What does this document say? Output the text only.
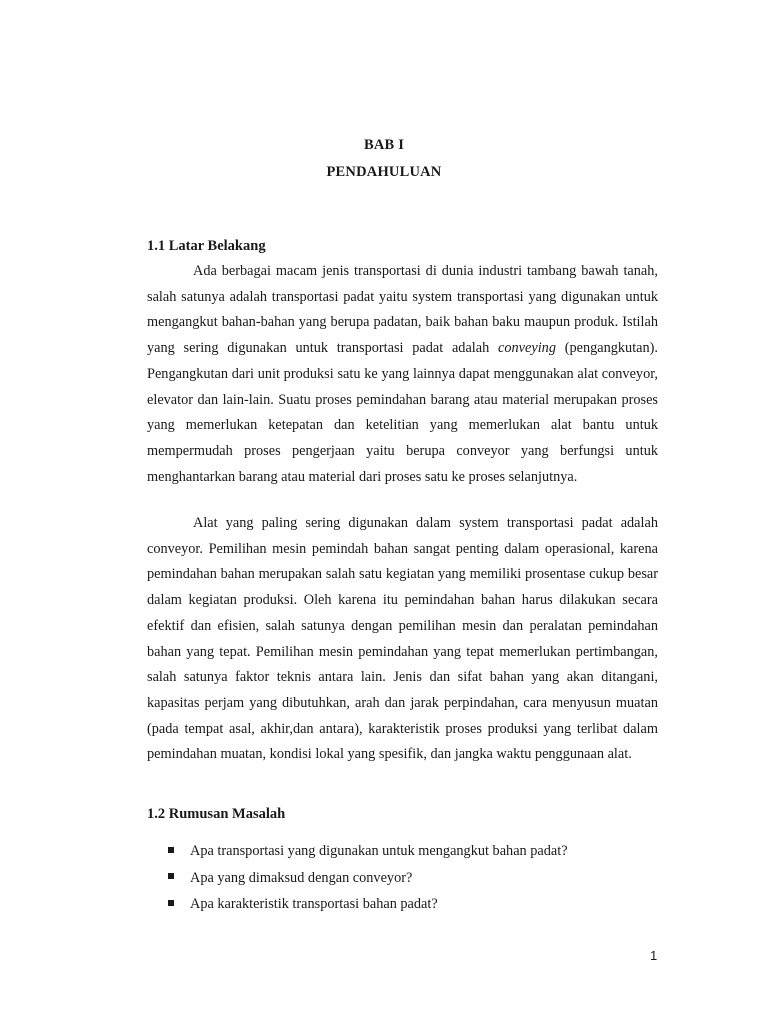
BAB I
PENDAHULUAN
1.1 Latar Belakang

Ada berbagai macam jenis transportasi di dunia industri tambang bawah tanah, salah satunya adalah transportasi padat yaitu system transportasi yang digunakan untuk mengangkut bahan-bahan yang berupa padatan, baik bahan baku maupun produk. Istilah yang sering digunakan untuk transportasi padat adalah conveying (pengangkutan). Pengangkutan dari unit produksi satu ke yang lainnya dapat menggunakan alat conveyor, elevator dan lain-lain. Suatu proses pemindahan barang atau material merupakan proses yang memerlukan ketepatan dan ketelitian yang memerlukan alat bantu untuk mempermudah proses pengerjaan yaitu berupa conveyor yang berfungsi untuk menghantarkan barang atau material dari proses satu ke proses selanjutnya.

Alat yang paling sering digunakan dalam system transportasi padat adalah conveyor. Pemilihan mesin pemindah bahan sangat penting dalam operasional, karena pemindahan bahan merupakan salah satu kegiatan yang memiliki prosentase cukup besar dalam kegiatan produksi. Oleh karena itu pemindahan bahan harus dilakukan secara efektif dan efisien, salah satunya dengan pemilihan mesin dan peralatan pemindahan bahan yang tepat. Pemilihan mesin pemindahan yang tepat memerlukan pertimbangan, salah satunya faktor teknis antara lain. Jenis dan sifat bahan yang akan ditangani, kapasitas perjam yang dibutuhkan, arah dan jarak perpindahan, cara menyusun muatan (pada tempat asal, akhir,dan antara), karakteristik proses produksi yang terlibat dalam pemindahan muatan, kondisi lokal yang spesifik, dan jangka waktu penggunaan alat.

1.2 Rumusan Masalah
Apa transportasi yang digunakan untuk mengangkut bahan padat?
Apa yang dimaksud dengan conveyor?
Apa karakteristik transportasi bahan padat?
1
